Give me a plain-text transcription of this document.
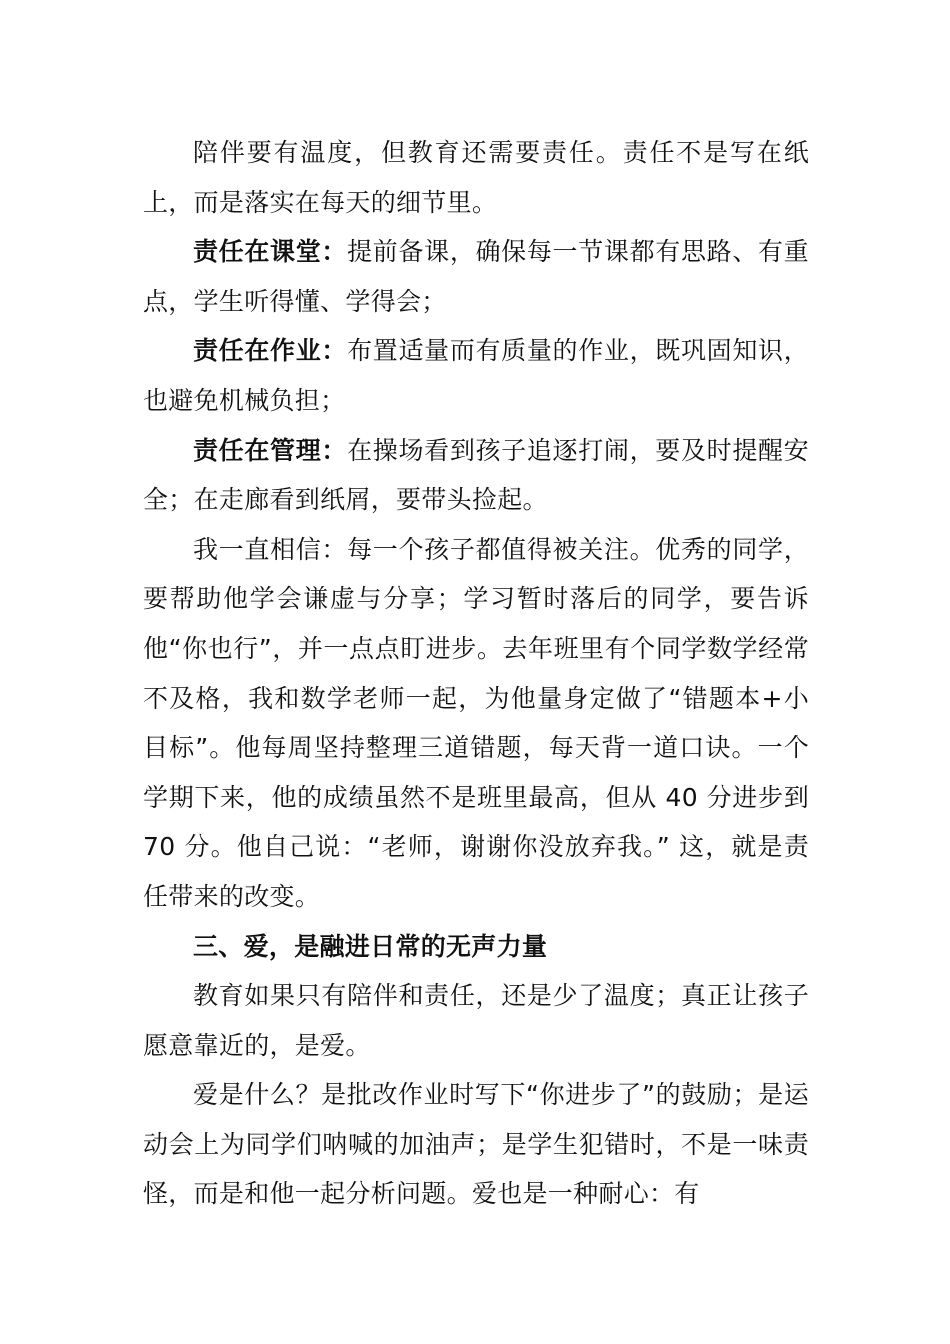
陪伴要有温度，但教育还需要责任。责任不是写在纸上，而是落实在每天的细节里。

责任在课堂：提前备课，确保每一节课都有思路、有重点，学生听得懂、学得会；

责任在作业：布置适量而有质量的作业，既巩固知识，也避免机械负担；

责任在管理：在操场看到孩子追逐打闹，要及时提醒安全；在走廊看到纸屑，要带头捡起。

我一直相信：每一个孩子都值得被关注。优秀的同学，要帮助他学会谦虚与分享；学习暂时落后的同学，要告诉他“你也行”，并一点点盯进步。去年班里有个同学数学经常不及格，我和数学老师一起，为他量身定做了“错题本+小目标”。他每周坚持整理三道错题，每天背一道口诀。一个学期下来，他的成绩虽然不是班里最高，但从 40 分进步到 70 分。他自己说：“老师，谢谢你没放弃我。” 这，就是责任带来的改变。

三、爱，是融进日常的无声力量

教育如果只有陪伴和责任，还是少了温度；真正让孩子愿意靠近的，是爱。

爱是什么？是批改作业时写下“你进步了”的鼓励；是运动会上为同学们呐喊的加油声；是学生犯错时，不是一味责怪，而是和他一起分析问题。爱也是一种耐心：有
